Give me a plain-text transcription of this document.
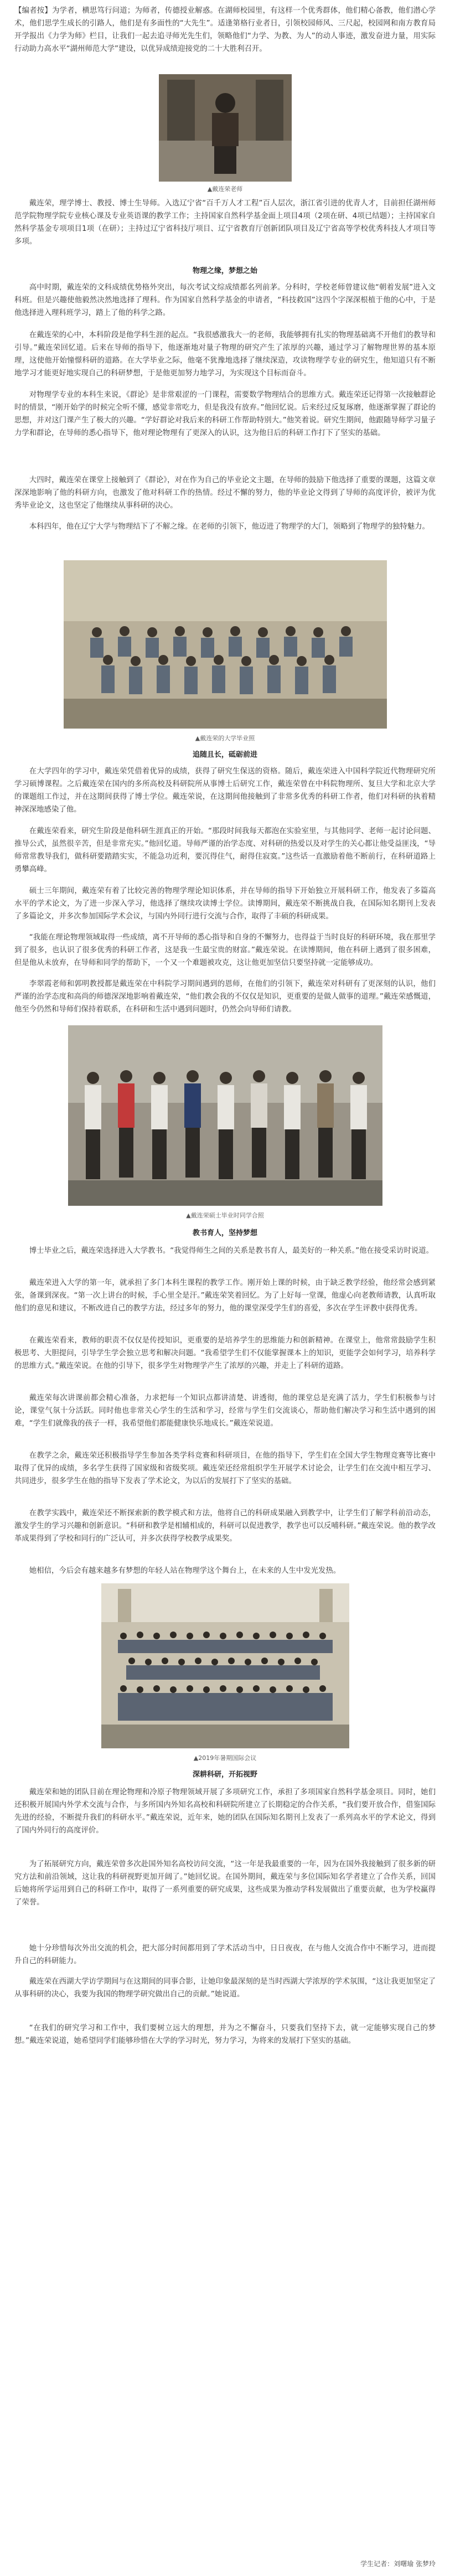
【编者按】为学者，横思笃行问道；为师者，传德授业解惑。在湖师校园里，有这样一个优秀群体，他们精心备教，他们潜心学术，他们思学生成长的引路人，他们是有多面性的“大先生”。适逢第格行业者日，引领校园师风、三尺起，校园网和南方教育局开学报出《力学为师》栏目，让我们一起去追寻师光先生们，领略他们“力学、为教、为人”的动人事迹，激发奋进力量，用实际行动助力高水平“湖州师范大学”建设，以优异成绩迎接党的二十大胜利召开。

▲戴连荣老师

戴连荣，理学博士、教授、博士生导师。入选辽宁省“百千万人才工程”百人层次，浙江省引进的优青人才，目前担任湖州师范学院物理学院专业核心课及专业英语课的教学工作；主持国家自然科学基金面上项目4项（2项在研、4项已结题）；主持国家自然科学基金专项项目1项（在研）；主持过辽宁省科技厅项目、辽宁省教育厅创新团队项目及辽宁省高等学校优秀科技人才项目等多项。

物理之缘，梦想之始

高中时期，戴连荣的文科成绩优势格外突出，每次考试文综成绩都名列前茅。分科时，学校老师曾建议他“朝着发展”进入文科班。但是兴趣使他毅然决然地选择了理科。作为国家自然科学基金的申请者，“科技救国”这四个字深深根植于他的心中，于是他选择进入理科班学习，踏上了他的科学之路。

在戴连荣的心中，本科阶段是他学科生涯的起点。“我很感激我大一的老师，我能够拥有扎实的物理基础离不开他们的教导和引导。”戴连荣回忆道。后来在导师的指导下，他逐渐地对量子物理的研究产生了浓厚的兴趣，通过学习了解物理世界的基本原理，这使他开始憧憬科研的道路。在大学毕业之际，他毫不犹豫地选择了继续深造，攻读物理学专业的研究生，他知道只有不断地学习才能更好地实现自己的科研梦想，于是他更加努力地学习，为实现这个目标而奋斗。

对物理学专业的本科生来说，《群论》是非常艰涩的一门课程，需要数学物理结合的思维方式。戴连荣还记得第一次接触群论时的情景，“刚开始学的时候完全听不懂，感觉非常吃力，但是我没有放弃。”他回忆说。后来经过反复琢磨，他逐渐掌握了群论的思想，并对这门课产生了极大的兴趣。“学好群论对我后来的科研工作帮助特别大。”他笑着说。研究生期间，他跟随导师学习量子力学和群论，在导师的悉心指导下，他对理论物理有了更深入的认识，这为他日后的科研工作打下了坚实的基础。

大四时，戴连荣在课堂上接触到了《群论》，对在作为自己的毕业论文主题，在导师的鼓励下他选择了重要的课题，这篇文章深深地影响了他的科研方向，也激发了他对科研工作的热情。经过不懈的努力，他的毕业论文得到了导师的高度评价，被评为优秀毕业论文，这也坚定了他继续从事科研的决心。

本科四年，他在辽宁大学与物理结下了不解之缘。在老师的引领下，他迈进了物理学的大门，领略到了物理学的独特魅力。

▲戴连荣的大学毕业照
追随且长，砥砺前进

在大学四年的学习中，戴连荣凭借着优异的成绩，获得了研究生保送的资格。随后，戴连荣进入中国科学院近代物理研究所学习硕博课程。之后戴连荣在国内的多所高校及科研院所从事博士后研究工作，戴连荣曾在中科院物理所、复旦大学和北京大学的课题组工作过，并在这期间获得了博士学位。戴连荣说，在这期间他接触到了非常多优秀的科研工作者，他们对科研的执着精神深深地感染了他。

在戴连荣看来，研究生阶段是他科研生涯真正的开始。“那段时间我每天都泡在实验室里，与其他同学、老师一起讨论问题、推导公式，虽然很辛苦，但是非常充实。”他回忆道。导师严谨的治学态度、对科研的热爱以及对学生的关心都让他受益匪浅，“导师常常教导我们，做科研要踏踏实实，不能急功近利，要沉得住气，耐得住寂寞。”这些话一直激励着他不断前行，在科研道路上勇攀高峰。

硕士三年期间，戴连荣有着了比较完善的物理学理论知识体系，并在导师的指导下开始独立开展科研工作，他发表了多篇高水平的学术论文，为了进一步深入学习，他选择了继续攻读博士学位。读博期间，戴连荣不断挑战自我，在国际知名期刊上发表了多篇论文，并多次参加国际学术会议，与国内外同行进行交流与合作，取得了丰硕的科研成果。

“我能在理论物理领域取得一些成绩，离不开导师的悉心指导和自身的不懈努力，也得益于当时良好的科研环境，我在那里学到了很多，也认识了很多优秀的科研工作者，这是我一生最宝贵的财富。”戴连荣说。在读博期间，他在科研上遇到了很多困难，但是他从未放弃，在导师和同学的帮助下，一个又一个难题被攻克，这让他更加坚信只要坚持就一定能够成功。

李翠霞老师和郭明教授都是戴连荣在中科院学习期间遇到的恩师，在他们的引领下，戴连荣对科研有了更深刻的认识，他们严谨的治学态度和高尚的师德深深地影响着戴连荣，“他们教会我的不仅仅是知识，更重要的是做人做事的道理。”戴连荣感慨道，他至今仍然和导师们保持着联系，在科研和生活中遇到问题时，仍然会向导师们请教。

▲戴连荣硕士毕业时同学合照
教书育人，坚持梦想

博士毕业之后，戴连荣选择进入大学教书。“我觉得师生之间的关系是教书育人，最美好的一种关系。”他在接受采访时说道。

戴连荣进入大学的第一年，就承担了多门本科生课程的教学工作。刚开始上课的时候，由于缺乏教学经验，他经常会感到紧张，备课到深夜。“第一次上讲台的时候，手心里全是汗。”戴连荣笑着回忆。为了上好每一堂课，他虚心向老教师请教，认真听取他们的意见和建议，不断改进自己的教学方法，经过多年的努力，他的课堂深受学生们的喜爱，多次在学生评教中获得优秀。

在戴连荣看来，教师的职责不仅仅是传授知识，更重要的是培养学生的思维能力和创新精神。在课堂上，他常常鼓励学生积极思考、大胆提问，引导学生学会独立思考和解决问题。“我希望学生们不仅能掌握课本上的知识，更能学会如何学习，培养科学的思维方式。”戴连荣说。在他的引导下，很多学生对物理学产生了浓厚的兴趣，并走上了科研的道路。

戴连荣每次讲课前都会精心准备，力求把每一个知识点都讲清楚、讲透彻，他的课堂总是充满了活力，学生们积极参与讨论，课堂气氛十分活跃。同时他也非常关心学生的生活和学习，经常与学生们交流谈心，帮助他们解决学习和生活中遇到的困难，“学生们就像我的孩子一样，我希望他们都能健康快乐地成长。”戴连荣说道。

在教学之余，戴连荣还积极指导学生参加各类学科竞赛和科研项目，在他的指导下，学生们在全国大学生物理竞赛等比赛中取得了优异的成绩，多名学生获得了国家级和省级奖项。戴连荣还经常组织学生开展学术讨论会，让学生们在交流中相互学习、共同进步，很多学生在他的指导下发表了学术论文，为以后的发展打下了坚实的基础。

在教学实践中，戴连荣还不断探索新的教学模式和方法，他将自己的科研成果融入到教学中，让学生们了解学科前沿动态，激发学生的学习兴趣和创新意识。“科研和教学是相辅相成的，科研可以促进教学，教学也可以反哺科研。”戴连荣说。他的教学改革成果得到了学校和同行的广泛认可，并多次获得学校教学成果奖。

她相信，今后会有越来越多有梦想的年轻人站在物理学这个舞台上，在未来的人生中发光发热。

▲2019年暑期国际会议
深耕科研，开拓视野

戴连荣和她的团队目前在理论物理和冷原子物理领域开展了多项研究工作，承担了多项国家自然科学基金项目。同时，她们还积极开展国内外学术交流与合作，与多所国内外知名高校和科研院所建立了长期稳定的合作关系，“我们要开放合作，借鉴国际先进的经验，不断提升我们的科研水平。”戴连荣说，近年来，她的团队在国际知名期刊上发表了一系列高水平的学术论文，得到了国内外同行的高度评价。

为了拓展研究方向，戴连荣曾多次赴国外知名高校访问交流，“这一年是我最重要的一年，因为在国外我接触到了很多新的研究方法和前沿领域，这让我的科研视野更加开阔了。”她回忆说。在国外期间，戴连荣与多位国际知名学者建立了合作关系，回国后她将所学运用到自己的科研工作中，取得了一系列重要的研究成果，这些成果为推动学科发展做出了重要贡献，也为学校赢得了荣誉。

她十分珍惜每次外出交流的机会，把大部分时间都用到了学术活动当中，日日夜夜，在与他人交流合作中不断学习，进而提升自己的科研能力。

戴连荣在西湖大学访学期间与在这期间的同事合影，让她印象最深刻的是当时西湖大学浓厚的学术氛围，“这让我更加坚定了从事科研的决心，我要为我国的物理学研究做出自己的贡献。”她说道。

“在我们的研究学习和工作中，我们要树立远大的理想，并为之不懈奋斗，只要我们坚持下去，就一定能够实现自己的梦想。”戴连荣说道，她希望同学们能够珍惜在大学的学习时光，努力学习，为将来的发展打下坚实的基础。

学生记者：刘曙瑜 张梦玲
